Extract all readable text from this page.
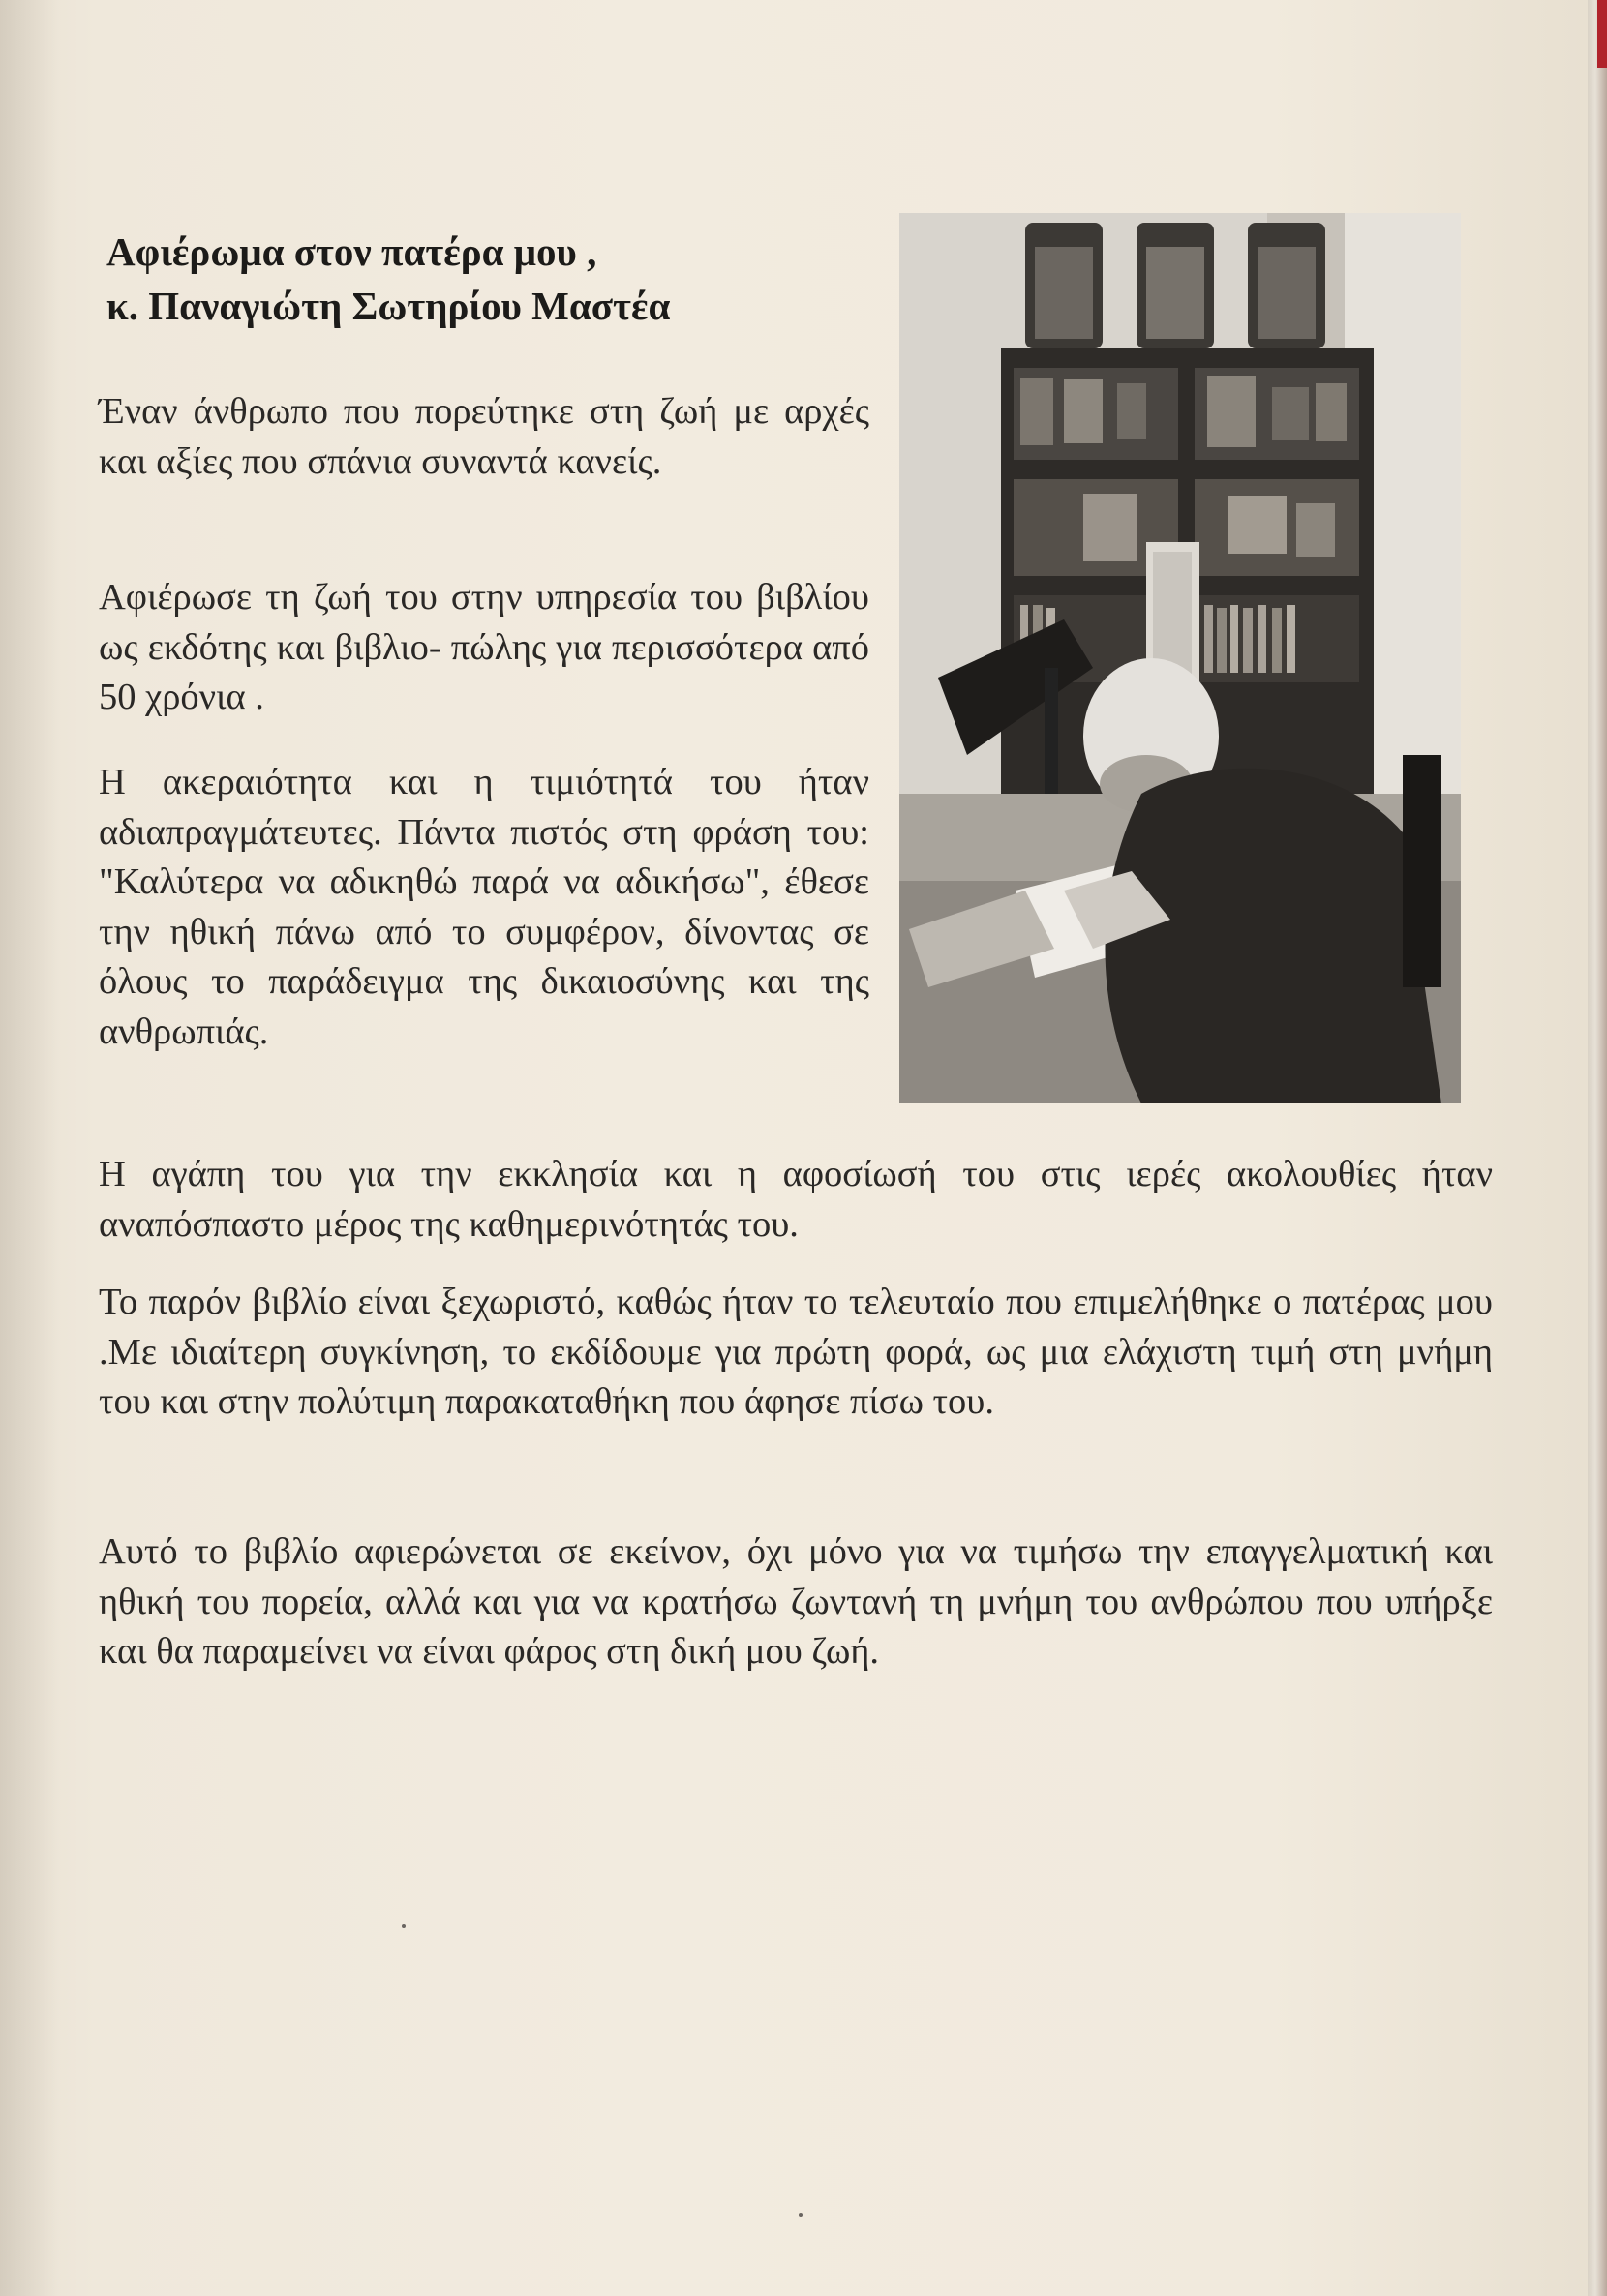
Αφιέρωμα στον πατέρα μου ,
κ. Παναγιώτη Σωτηρίου Μαστέα

Έναν άνθρωπο που πορεύτηκε στη ζωή με αρχές και αξίες που σπάνια συναντά κανείς.

Αφιέρωσε τη ζωή του στην υπηρεσία του βιβλίου ως εκδότης και βιβλιο- πώλης για περισσότερα από 50 χρόνια .

Η ακεραιότητα και η τιμιότητά του ήταν αδιαπραγμάτευτες. Πάντα πιστός στη φράση του: "Καλύτερα να αδικηθώ παρά να αδικήσω", έθεσε την ηθική πάνω από το συμφέρον, δίνοντας σε όλους το παράδειγμα της δικαιοσύνης και της ανθρωπιάς.

Η αγάπη του για την εκκλησία και η αφοσίωσή του στις ιερές ακολουθίες ήταν αναπόσπαστο μέρος της καθημερινότητάς του.

Το παρόν βιβλίο είναι ξεχωριστό, καθώς ήταν το τελευταίο που επιμελήθηκε ο πατέρας μου .Με ιδιαίτερη συγκίνηση, το εκδίδουμε για πρώτη φορά, ως μια ελάχιστη τιμή στη μνήμη του και στην πολύτιμη παρακαταθήκη που άφησε πίσω του.

Αυτό το βιβλίο αφιερώνεται σε εκείνον, όχι μόνο για να τιμήσω την επαγγελματική και ηθική του πορεία, αλλά και για να κρατήσω ζωντανή τη μνήμη του ανθρώπου που υπήρξε και θα παραμείνει να είναι φάρος στη δική μου ζωή.
